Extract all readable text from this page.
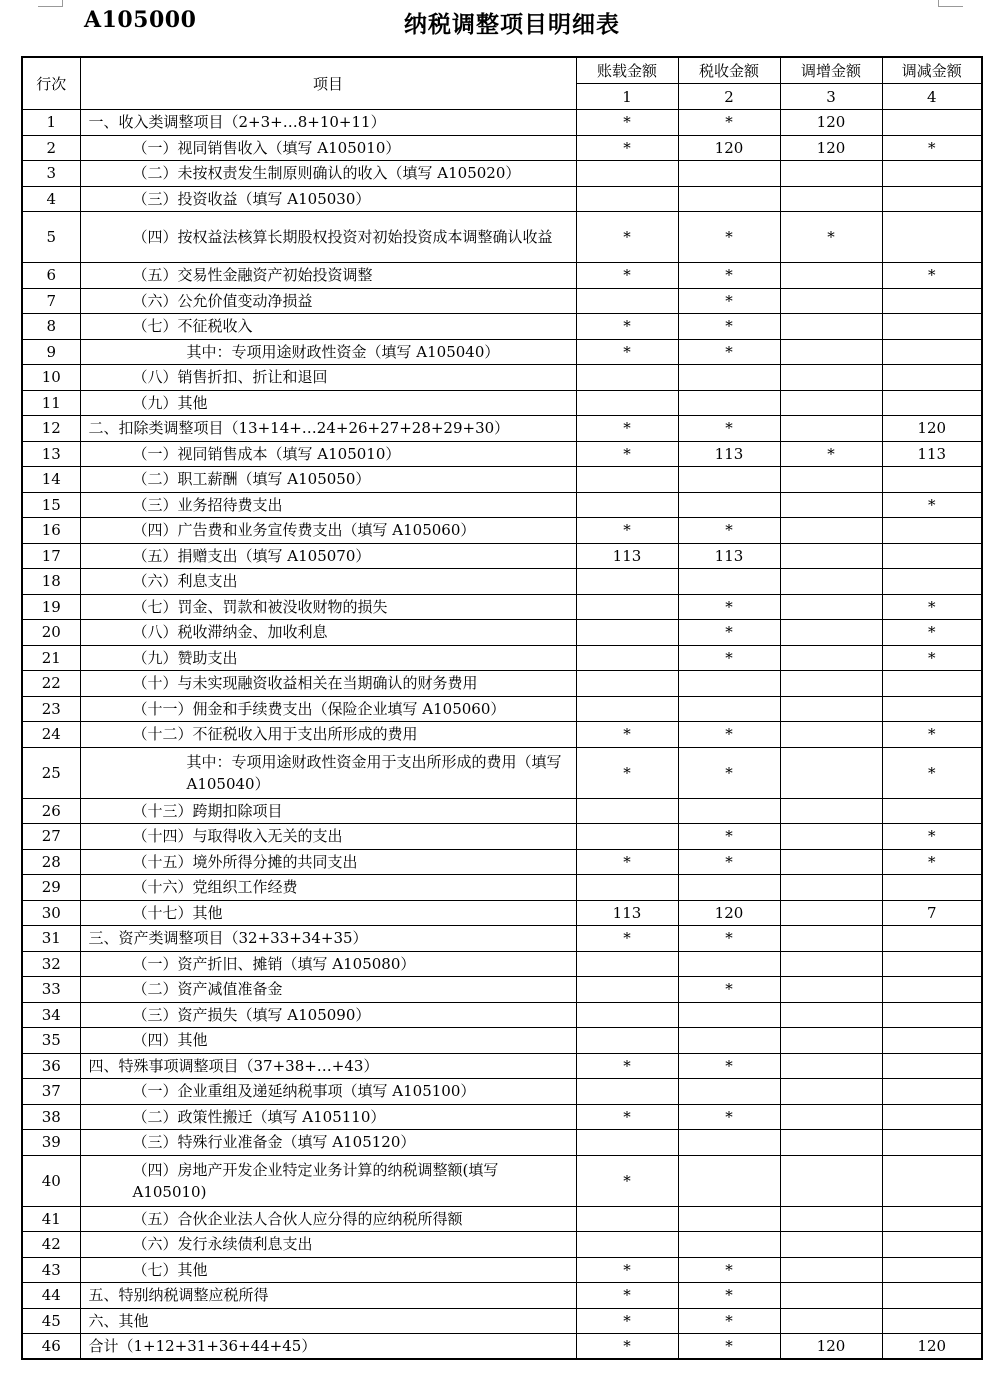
A105000	纳税调整项目明细表
行次	项目	账载金额	税收金额	调增金额	调减金额
		1	2	3	4
1	一、收入类调整项目（2+3+…8+10+11）	*	*	120	
2	（一）视同销售收入（填写 A105010）	*	120	120	*
3	（二）未按权责发生制原则确认的收入（填写 A105020）				
4	（三）投资收益（填写 A105030）				
5	（四）按权益法核算长期股权投资对初始投资成本调整确认收益	*	*	*	
6	（五）交易性金融资产初始投资调整	*	*		*
7	（六）公允价值变动净损益		*		
8	（七）不征税收入	*	*		
9	其中：专项用途财政性资金（填写 A105040）	*	*		
10	（八）销售折扣、折让和退回				
11	（九）其他				
12	二、扣除类调整项目（13+14+…24+26+27+28+29+30）	*	*		120
13	（一）视同销售成本（填写 A105010）	*	113	*	113
14	（二）职工薪酬（填写 A105050）				
15	（三）业务招待费支出				*
16	（四）广告费和业务宣传费支出（填写 A105060）	*	*		
17	（五）捐赠支出（填写 A105070）	113	113		
18	（六）利息支出				
19	（七）罚金、罚款和被没收财物的损失		*		*
20	（八）税收滞纳金、加收利息		*		*
21	（九）赞助支出		*		*
22	（十）与未实现融资收益相关在当期确认的财务费用				
23	（十一）佣金和手续费支出（保险企业填写 A105060）				
24	（十二）不征税收入用于支出所形成的费用	*	*		*
25	其中：专项用途财政性资金用于支出所形成的费用（填写 A105040）	*	*		*
26	（十三）跨期扣除项目				
27	（十四）与取得收入无关的支出		*		*
28	（十五）境外所得分摊的共同支出	*	*		*
29	（十六）党组织工作经费				
30	（十七）其他	113	120		7
31	三、资产类调整项目（32+33+34+35）	*	*		
32	（一）资产折旧、摊销（填写 A105080）				
33	（二）资产减值准备金		*		
34	（三）资产损失（填写 A105090）				
35	（四）其他				
36	四、特殊事项调整项目（37+38+…+43）	*	*		
37	（一）企业重组及递延纳税事项（填写 A105100）				
38	（二）政策性搬迁（填写 A105110）	*	*		
39	（三）特殊行业准备金（填写 A105120）				
40	（四）房地产开发企业特定业务计算的纳税调整额(填写 A105010)	*			
41	（五）合伙企业法人合伙人应分得的应纳税所得额				
42	（六）发行永续债利息支出				
43	（七）其他	*	*		
44	五、特别纳税调整应税所得	*	*		
45	六、其他	*	*		
46	合计（1+12+31+36+44+45）	*	*	120	120
